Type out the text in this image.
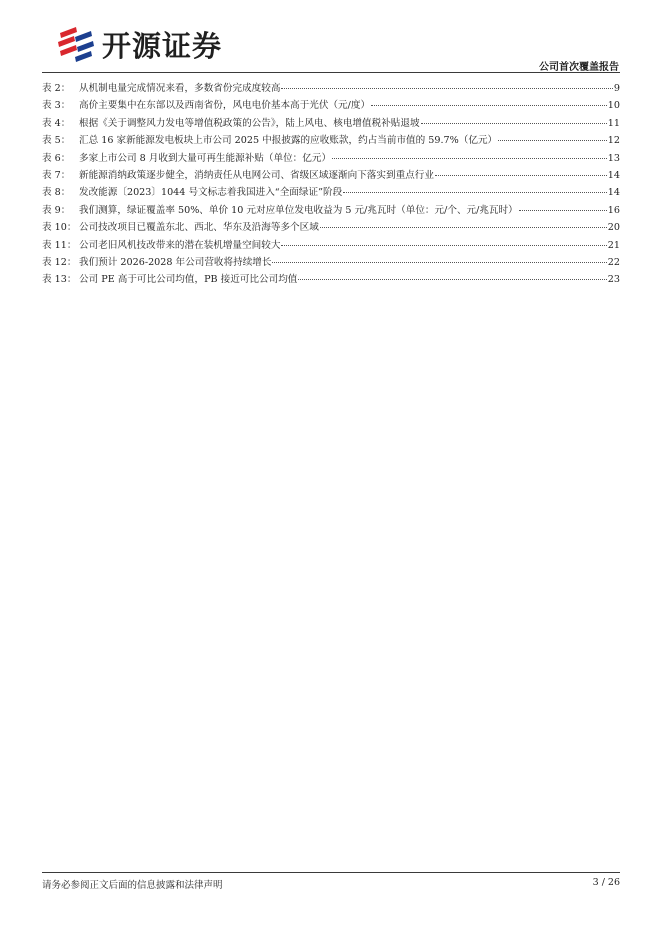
开源证券
公司首次覆盖报告
表 2： 从机制电量完成情况来看，多数省份完成度较高	9
表 3： 高价主要集中在东部以及西南省份，风电电价基本高于光伏（元/度）	10
表 4： 根据《关于调整风力发电等增值税政策的公告》，陆上风电、核电增值税补贴退坡	11
表 5： 汇总 16 家新能源发电板块上市公司 2025 中报披露的应收账款，约占当前市值的 59.7%（亿元）	12
表 6： 多家上市公司 8 月收到大量可再生能源补贴（单位：亿元）	13
表 7： 新能源消纳政策逐步健全，消纳责任从电网公司、省级区域逐渐向下落实到重点行业	14
表 8： 发改能源〔2023〕1044 号文标志着我国进入“全面绿证”阶段	14
表 9： 我们测算，绿证覆盖率 50%、单价 10 元对应单位发电收益为 5 元/兆瓦时（单位：元/个、元/兆瓦时）	16
表 10： 公司技改项目已覆盖东北、西北、华东及沿海等多个区域	20
表 11： 公司老旧风机技改带来的潜在装机增量空间较大	21
表 12： 我们预计 2026-2028 年公司营收将持续增长	22
表 13： 公司 PE 高于可比公司均值，PB 接近可比公司均值	23
请务必参阅正文后面的信息披露和法律声明	3 / 26
